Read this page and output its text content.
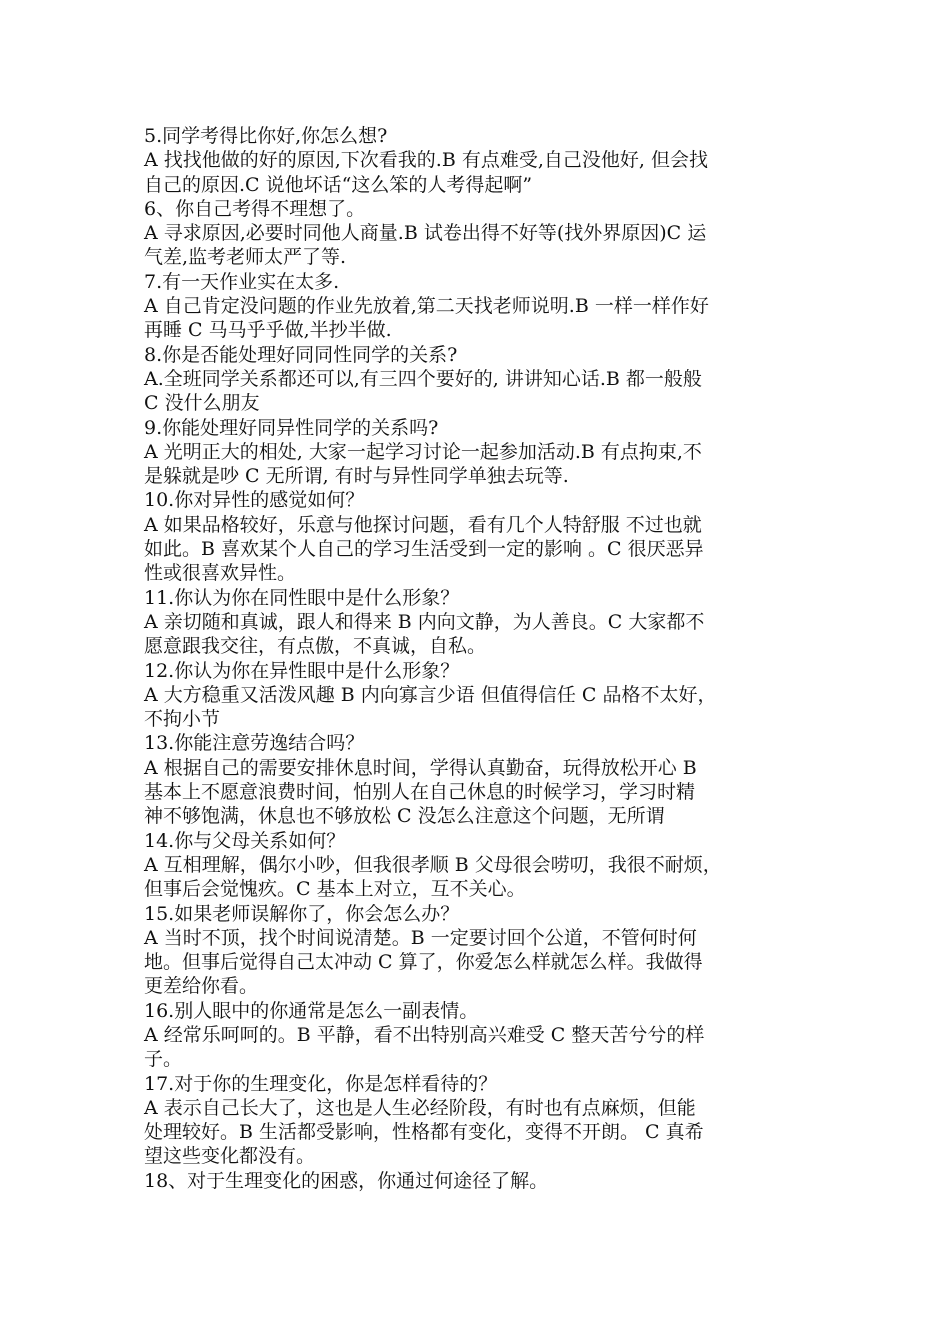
5.同学考得比你好,你怎么想?
A 找找他做的好的原因,下次看我的.B 有点难受,自己没他好, 但会找
自己的原因.C 说他坏话“这么笨的人考得起啊”
6、你自己考得不理想了。
A 寻求原因,必要时同他人商量.B 试卷出得不好等(找外界原因)C 运
气差,监考老师太严了等.
7.有一天作业实在太多.
A 自己肯定没问题的作业先放着,第二天找老师说明.B 一样一样作好
再睡 C 马马乎乎做,半抄半做.
8.你是否能处理好同同性同学的关系?
A.全班同学关系都还可以,有三四个要好的, 讲讲知心话.B 都一般般
C 没什么朋友
9.你能处理好同异性同学的关系吗?
A 光明正大的相处, 大家一起学习讨论一起参加活动.B 有点拘束,不
是躲就是吵 C 无所谓, 有时与异性同学单独去玩等.
10.你对异性的感觉如何？
A 如果品格较好，乐意与他探讨问题，看有几个人特舒服 不过也就
如此。B 喜欢某个人自己的学习生活受到一定的影响 。C 很厌恶异
性或很喜欢异性。
11.你认为你在同性眼中是什么形象？
A 亲切随和真诚，跟人和得来 B 内向文静，为人善良。C 大家都不
愿意跟我交往，有点傲，不真诚，自私。
12.你认为你在异性眼中是什么形象？
A 大方稳重又活泼风趣 B 内向寡言少语 但值得信任 C 品格不太好，
不拘小节
13.你能注意劳逸结合吗？
A 根据自己的需要安排休息时间，学得认真勤奋，玩得放松开心 B
基本上不愿意浪费时间，怕别人在自己休息的时候学习，学习时精
神不够饱满，休息也不够放松 C 没怎么注意这个问题，无所谓
14.你与父母关系如何？
A 互相理解，偶尔小吵，但我很孝顺 B 父母很会唠叨，我很不耐烦，
但事后会觉愧疚。C 基本上对立，互不关心。
15.如果老师误解你了，你会怎么办？
A 当时不顶，找个时间说清楚。B 一定要讨回个公道，不管何时何
地。但事后觉得自己太冲动 C 算了，你爱怎么样就怎么样。我做得
更差给你看。
16.别人眼中的你通常是怎么一副表情。
A 经常乐呵呵的。B 平静，看不出特别高兴难受 C 整天苦兮兮的样
子。
17.对于你的生理变化，你是怎样看待的？
A 表示自己长大了，这也是人生必经阶段，有时也有点麻烦，但能
处理较好。B 生活都受影响，性格都有变化，变得不开朗。 C 真希
望这些变化都没有。
18、对于生理变化的困惑，你通过何途径了解。
